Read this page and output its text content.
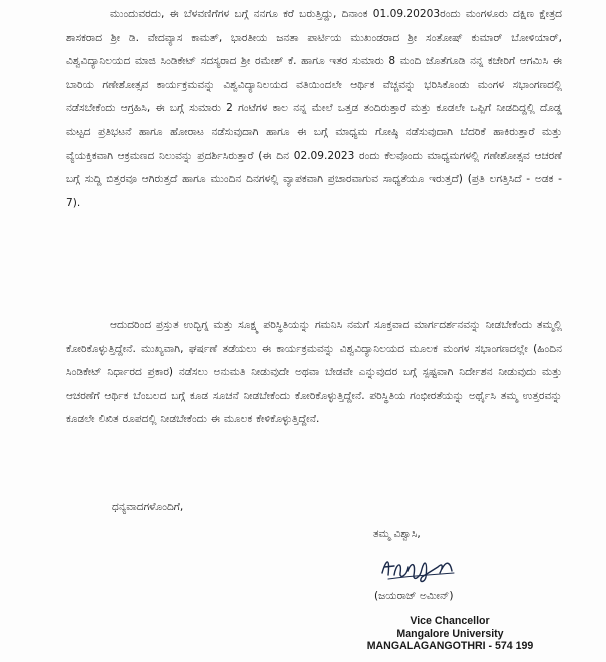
ಮುಂದುವರದು, ಈ ಬೆಳವಣಿಗೆಗಳ ಬಗ್ಗೆ ನನಗೂ ಕರೆ ಬರುತ್ತಿದ್ದು, ದಿನಾಂಕ 01.09.20203ರಂದು ಮಂಗಳೂರು ದಕ್ಷಿಣ ಕ್ಷೇತ್ರದ ಶಾಸಕರಾದ ಶ್ರೀ ಡಿ. ವೇದವ್ಯಾಸ ಕಾಮತ್, ಭಾರತೀಯ ಜನತಾ ಪಾರ್ಟಿಯ ಮುಖಂಡರಾದ ಶ್ರೀ ಸಂತೋಷ್ ಕುಮಾರ್ ಬೋಳಿಯಾರ್, ವಿಶ್ವವಿದ್ಯಾನಿಲಯದ ಮಾಜಿ ಸಿಂಡಿಕೇಟ್ ಸದಸ್ಯರಾದ ಶ್ರೀ ರಮೇಶ್ ಕೆ. ಹಾಗೂ ಇತರ ಸುಮಾರು 8 ಮಂದಿ ಜೊತೆಗೂಡಿ ನನ್ನ ಕಚೇರಿಗೆ ಆಗಮಿಸಿ ಈ ಬಾರಿಯ ಗಣೇಶೋತ್ಸವ ಕಾರ್ಯಕ್ರಮವನ್ನು ವಿಶ್ವವಿದ್ಯಾನಿಲಯದ ವತಿಯಿಂದಲೇ ಆರ್ಥಿಕ ವೆಚ್ಚವನ್ನು ಭರಿಸಿಕೊಂಡು ಮಂಗಳ ಸಭಾಂಗಣದಲ್ಲಿ ನಡೆಸಬೇಕೆಂದು ಆಗ್ರಹಿಸಿ, ಈ ಬಗ್ಗೆ ಸುಮಾರು 2 ಗಂಟೆಗಳ ಕಾಲ ನನ್ನ ಮೇಲೆ ಒತ್ತಡ ತಂದಿರುತ್ತಾರೆ ಮತ್ತು ಕೂಡಲೇ ಒಪ್ಪಿಗೆ ನೀಡದಿದ್ದಲ್ಲಿ ದೊಡ್ಡ ಮಟ್ಟದ ಪ್ರತಿಭಟನೆ ಹಾಗೂ ಹೋರಾಟ ನಡೆಸುವುದಾಗಿ ಹಾಗೂ ಈ ಬಗ್ಗೆ ಮಾಧ್ಯಮ ಗೋಷ್ಠಿ ನಡೆಸುವುದಾಗಿ ಬೆದರಿಕೆ ಹಾಕಿರುತ್ತಾರೆ ಮತ್ತು ವ್ಯೆಯಕ್ತಿಕವಾಗಿ ಆಕ್ರಮಣದ ನಿಲುವನ್ನು ಪ್ರದರ್ಶಿಸಿರುತ್ತಾರೆ (ಈ ದಿನ 02.09.2023 ರಂದು ಕೆಲವೊಂದು ಮಾಧ್ಯಮಗಳಲ್ಲಿ ಗಣೇಶೋತ್ಸವ ಆಚರಣೆ ಬಗ್ಗೆ ಸುದ್ದಿ ಬಿತ್ತರವೂ ಆಗಿರುತ್ತದೆ ಹಾಗೂ ಮುಂದಿನ ದಿನಗಳಲ್ಲಿ ವ್ಯಾಪಕವಾಗಿ ಪ್ರಚಾರವಾಗುವ ಸಾಧ್ಯತೆಯೂ ಇರುತ್ತದೆ) (ಪ್ರತಿ ಲಗತ್ತಿಸಿದೆ - ಅಡಕ - 7).
ಆದುದರಿಂದ ಪ್ರಸ್ತುತ ಉದ್ಭಿಗ್ನ ಮತ್ತು ಸೂಕ್ಷ್ಮ ಪರಿಸ್ಥಿತಿಯನ್ನು ಗಮನಿಸಿ ನಮಗೆ ಸೂಕ್ತವಾದ ಮಾರ್ಗದರ್ಶನವನ್ನು ನೀಡಬೇಕೆಂದು ತಮ್ಮಲ್ಲಿ ಕೋರಿಕೊಳ್ಳುತ್ತಿದ್ದೇನೆ. ಮುಖ್ಯವಾಗಿ, ಘರ್ಷಣೆ ತಡೆಯಲು ಈ ಕಾರ್ಯಕ್ರಮವನ್ನು ವಿಶ್ವವಿದ್ಯಾನಿಲಯದ ಮೂಲಕ ಮಂಗಳ ಸಭಾಂಗಣದಲ್ಲೇ (ಹಿಂದಿನ ಸಿಂಡಿಕೇಟ್ ನಿರ್ಧಾರದ ಪ್ರಕಾರ) ನಡೆಸಲು ಅನುಮತಿ ನೀಡುವುದೇ ಅಥವಾ ಬೇಡವೇ ಎನ್ನುವುದರ ಬಗ್ಗೆ ಸ್ಪಷ್ಟವಾಗಿ ನಿರ್ದೇಶನ ನೀಡುವುದು ಮತ್ತು ಆಚರಣೆಗೆ ಆರ್ಥಿಕ ಬೆಂಬಲದ ಬಗ್ಗೆ ಕೂಡ ಸೂಚನೆ ನೀಡಬೇಕೆಂದು ಕೋರಿಕೊಳ್ಳುತ್ತಿದ್ದೇನೆ. ಪರಿಸ್ಥಿತಿಯ ಗಂಭೀರತೆಯನ್ನು ಅರ್ಥೈಸಿ ತಮ್ಮ ಉತ್ತರವನ್ನು ಕೂಡಲೇ ಲಿಖಿತ ರೂಪದಲ್ಲಿ ನೀಡಬೇಕೆಂದು ಈ ಮೂಲಕ ಕೇಳಿಕೊಳ್ಳುತ್ತಿದ್ದೇನೆ.
ಧನ್ಯವಾದಗಳೊಂದಿಗೆ,
ತಮ್ಮ ವಿಶ್ವಾಸಿ,
(ಜಯರಾಜ್ ಅಮೀನ್)
Vice Chancellor
Mangalore University
MANGALAGANGOTHRI - 574 199
